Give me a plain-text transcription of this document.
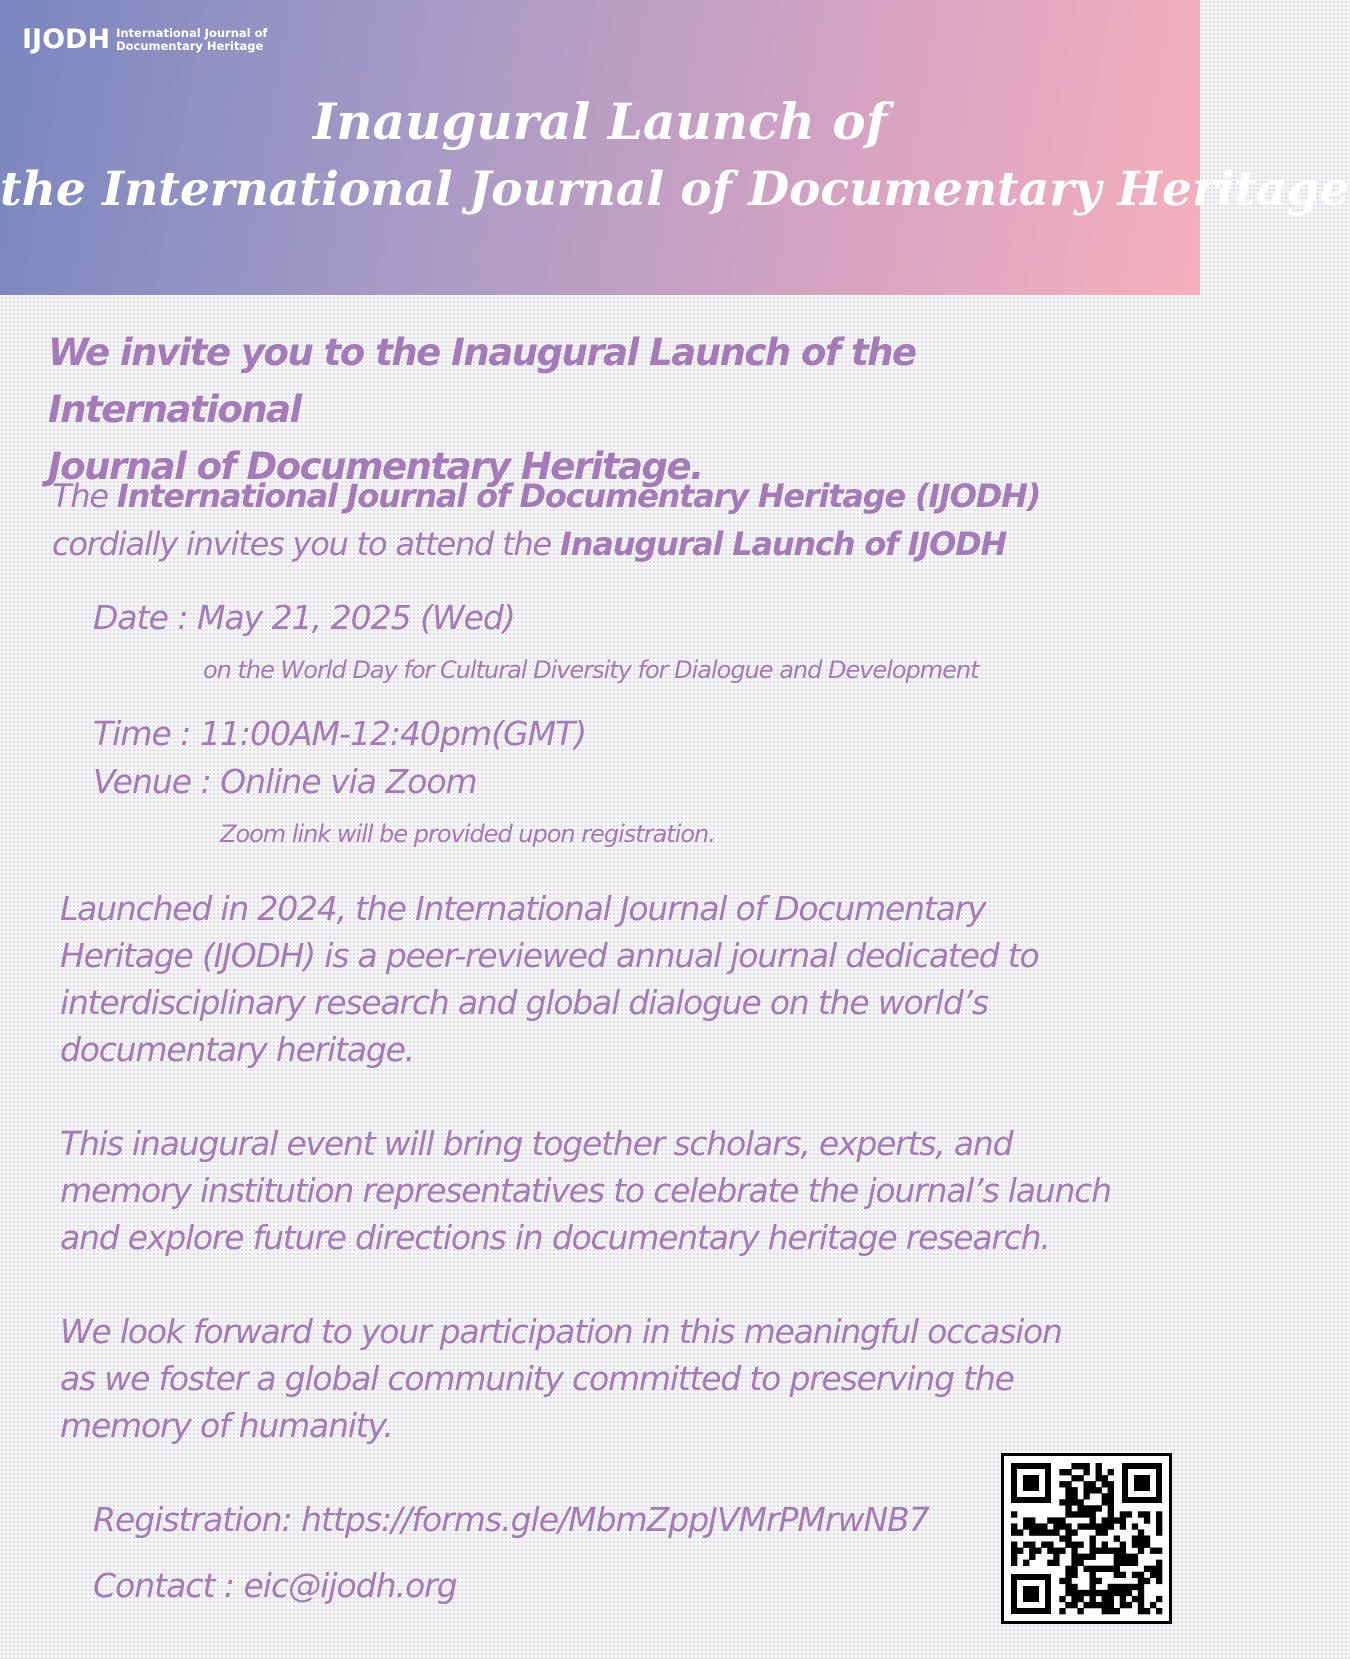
IJODH International Journal of
Documentary Heritage
Inaugural Launch of
the International Journal of Documentary Heritage
We invite you to the Inaugural Launch of the International
Journal of Documentary Heritage.
The International Journal of Documentary Heritage (IJODH)
cordially invites you to attend the Inaugural Launch of IJODH
Date : May 21, 2025 (Wed)
on the World Day for Cultural Diversity for Dialogue and Development
Time : 11:00AM-12:40pm(GMT)
Venue : Online via Zoom
Zoom link will be provided upon registration.
Launched in 2024, the International Journal of Documentary
Heritage (IJODH) is a peer-reviewed annual journal dedicated to
interdisciplinary research and global dialogue on the world’s
documentary heritage.
This inaugural event will bring together scholars, experts, and
memory institution representatives to celebrate the journal’s launch
and explore future directions in documentary heritage research.
We look forward to your participation in this meaningful occasion
as we foster a global community committed to preserving the
memory of humanity.
Registration: https://forms.gle/MbmZppJVMrPMrwNB7
Contact : eic@ijodh.org
